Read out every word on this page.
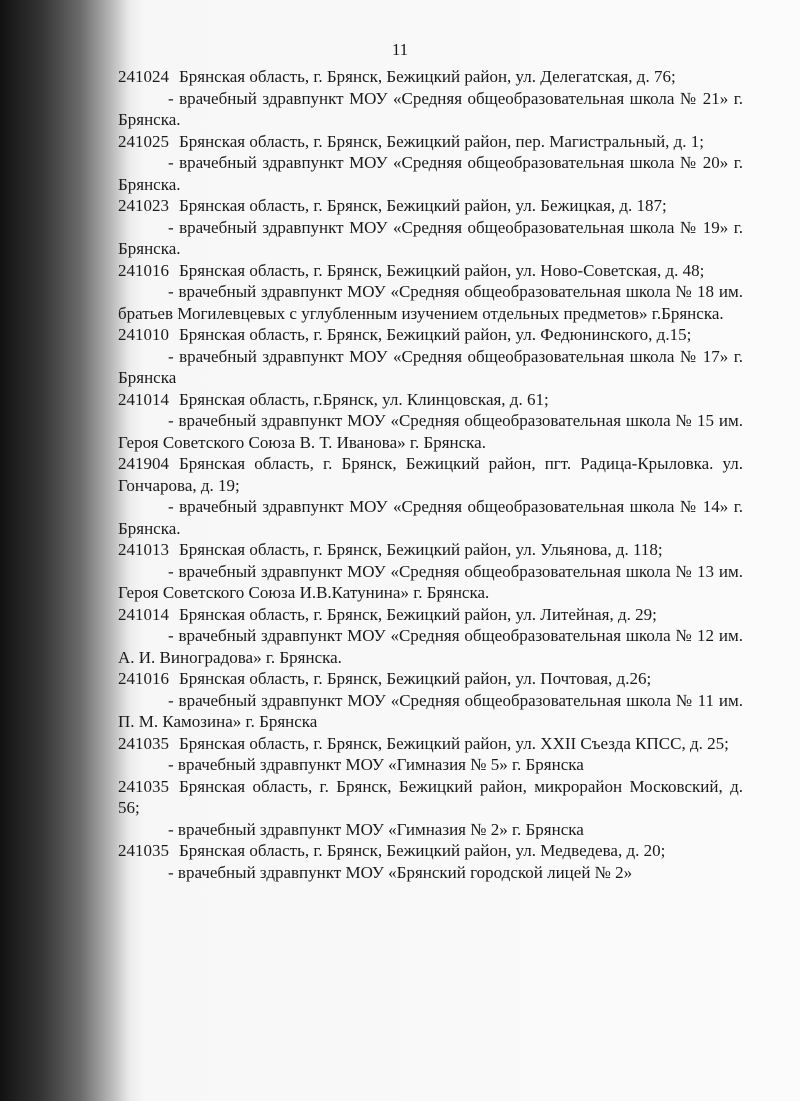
11
241024 Брянская область, г. Брянск, Бежицкий район, ул. Делегатская, д. 76;
- врачебный здравпункт МОУ «Средняя общеобразовательная школа № 21» г. Брянска.
241025 Брянская область, г. Брянск, Бежицкий район, пер. Магистральный, д. 1;
- врачебный здравпункт МОУ «Средняя общеобразовательная школа № 20» г. Брянска.
241023 Брянская область, г. Брянск, Бежицкий район, ул. Бежицкая, д. 187;
- врачебный здравпункт МОУ «Средняя общеобразовательная школа № 19» г. Брянска.
241016 Брянская область, г. Брянск, Бежицкий район, ул. Ново-Советская, д. 48;
- врачебный здравпункт МОУ «Средняя общеобразовательная школа № 18 им. братьев Могилевцевых с углубленным изучением отдельных предметов» г.Брянска.
241010 Брянская область, г. Брянск, Бежицкий район, ул. Федюнинского, д.15;
- врачебный здравпункт МОУ «Средняя общеобразовательная школа № 17» г. Брянска
241014 Брянская область, г.Брянск, ул. Клинцовская, д. 61;
- врачебный здравпункт МОУ «Средняя общеобразовательная школа № 15 им. Героя Советского Союза В. Т. Иванова» г. Брянска.
241904 Брянская область, г. Брянск, Бежицкий район, пгт. Радица-Крыловка. ул. Гончарова, д. 19;
- врачебный здравпункт МОУ «Средняя общеобразовательная школа № 14» г. Брянска.
241013 Брянская область, г. Брянск, Бежицкий район, ул. Ульянова, д. 118;
- врачебный здравпункт МОУ «Средняя общеобразовательная школа № 13 им. Героя Советского Союза И.В.Катунина» г. Брянска.
241014 Брянская область, г. Брянск, Бежицкий район, ул. Литейная, д. 29;
- врачебный здравпункт МОУ «Средняя общеобразовательная школа № 12 им. А. И. Виноградова» г. Брянска.
241016 Брянская область, г. Брянск, Бежицкий район, ул. Почтовая, д.26;
- врачебный здравпункт МОУ «Средняя общеобразовательная школа № 11 им. П. М. Камозина» г. Брянска
241035 Брянская область, г. Брянск, Бежицкий район, ул. XXII Съезда КПСС, д. 25;
- врачебный здравпункт МОУ «Гимназия № 5» г. Брянска
241035 Брянская область, г. Брянск, Бежицкий район, микрорайон Московский, д. 56;
- врачебный здравпункт МОУ «Гимназия № 2» г. Брянска
241035 Брянская область, г. Брянск, Бежицкий район, ул. Медведева, д. 20;
- врачебный здравпункт МОУ «Брянский городской лицей № 2»
